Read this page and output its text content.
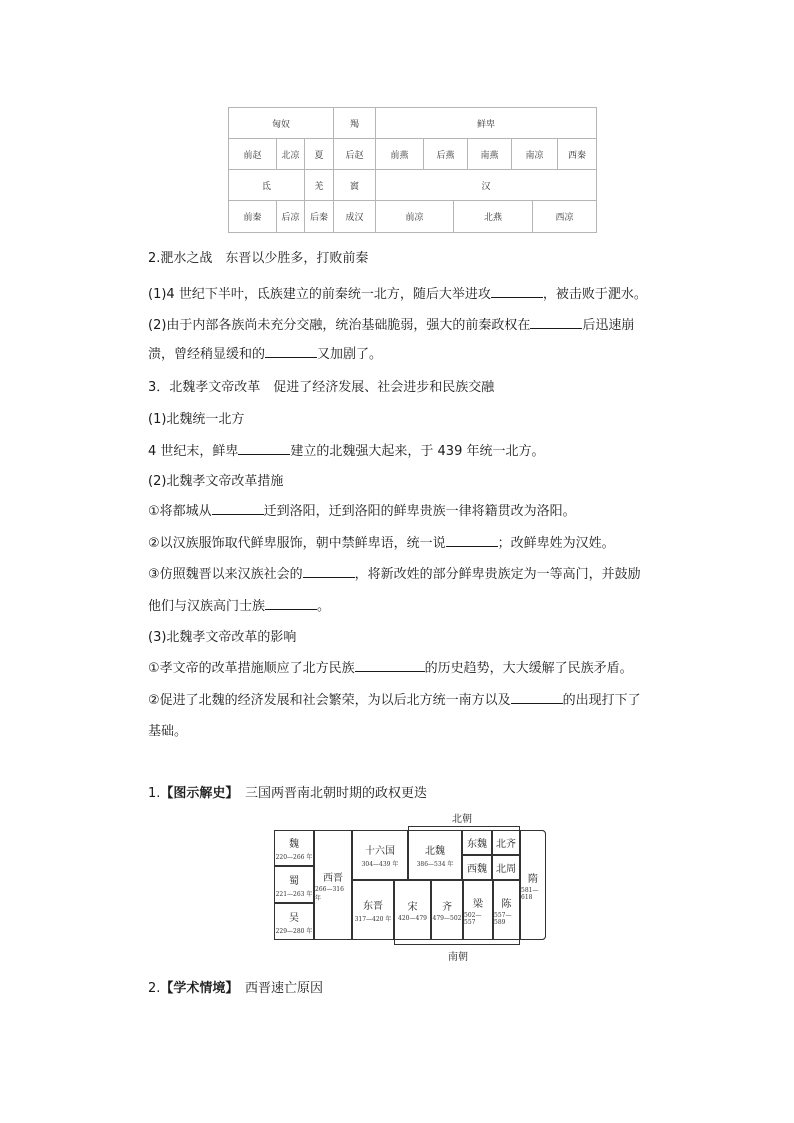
匈奴	羯	鲜卑
前赵	北凉	夏	后赵	前燕	后燕	南燕	南凉	西秦
氐	羌	賨	汉
前秦	后凉	后秦	成汉	前凉	北燕	西凉
2.淝水之战　东晋以少胜多，打败前秦
(1)4 世纪下半叶，氐族建立的前秦统一北方，随后大举进攻	，被击败于淝水。
(2)由于内部各族尚未充分交融，统治基础脆弱，强大的前秦政权在	后迅速崩
溃，曾经稍显缓和的	又加剧了。
3．北魏孝文帝改革　促进了经济发展、社会进步和民族交融
(1)北魏统一北方
4 世纪末，鲜卑	建立的北魏强大起来，于 439 年统一北方。
(2)北魏孝文帝改革措施
①将都城从	迁到洛阳，迁到洛阳的鲜卑贵族一律将籍贯改为洛阳。
②以汉族服饰取代鲜卑服饰，朝中禁鲜卑语，统一说	；改鲜卑姓为汉姓。
③仿照魏晋以来汉族社会的	，将新改姓的部分鲜卑贵族定为一等高门，并鼓励
他们与汉族高门士族	。
(3)北魏孝文帝改革的影响
①孝文帝的改革措施顺应了北方民族	的历史趋势，大大缓解了民族矛盾。
②促进了北魏的经济发展和社会繁荣，为以后北方统一南方以及	的出现打下了
基础。
1.【图示解史】　 三国两晋南北朝时期的政权更迭
北朝
魏
220—266 年
蜀
221—263 年
吴
229—280 年
西晋
266—316 年
十六国
304—439 年
北魏
386—534 年
东魏 北齐
西魏 北周
隋
581—618
东晋
317—420 年
宋
420—479
齐
479—502
梁
502—557
陈
557—589
南朝
2.【学术情境】　 西晋速亡原因
